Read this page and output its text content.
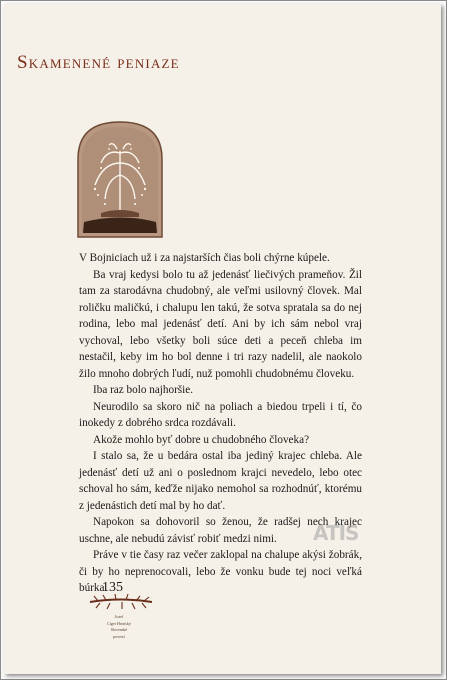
Skamenené peniaze

V Bojniciach už i za najstarších čias boli chýrne kúpele.

Ba vraj kedysi bolo tu až jedenásť liečivých prameňov. Žil tam za starodávna chudobný, ale veľmi usilovný človek. Mal roličku maličkú, i chalupu len takú, že sotva spratala sa do nej rodina, lebo mal jedenásť detí. Ani by ich sám nebol vraj vychoval, lebo všetky boli súce deti a peceň chleba im nestačil, keby im ho bol denne i tri razy nadelil, ale naokolo žilo mnoho dobrých ľudí, nuž pomohli chudobnému človeku.

Iba raz bolo najhoršie.

Neurodilo sa skoro nič na poliach a biedou trpeli i tí, čo inokedy z dobrého srdca rozdávali.

Akože mohlo byť dobre u chudobného človeka?

I stalo sa, že u bedára ostal iba jediný krajec chleba. Ale jedenásť detí už ani o poslednom krajci nevedelo, lebo otec schoval ho sám, keďže nijako nemohol sa rozhodnúť, ktorému z jedenástich detí mal by ho dať.

Napokon sa dohovoril so ženou, že radšej nech krajec uschne, ale nebudú závisť robiť medzi nimi.

Práve v tie časy raz večer zaklopal na chalupe akýsi žobrák, či by ho neprenocovali, lebo že vonku bude tej noci veľká búrka.

135

Jozef
Cíger Hronský
Slovenské
povesti
ATIS
